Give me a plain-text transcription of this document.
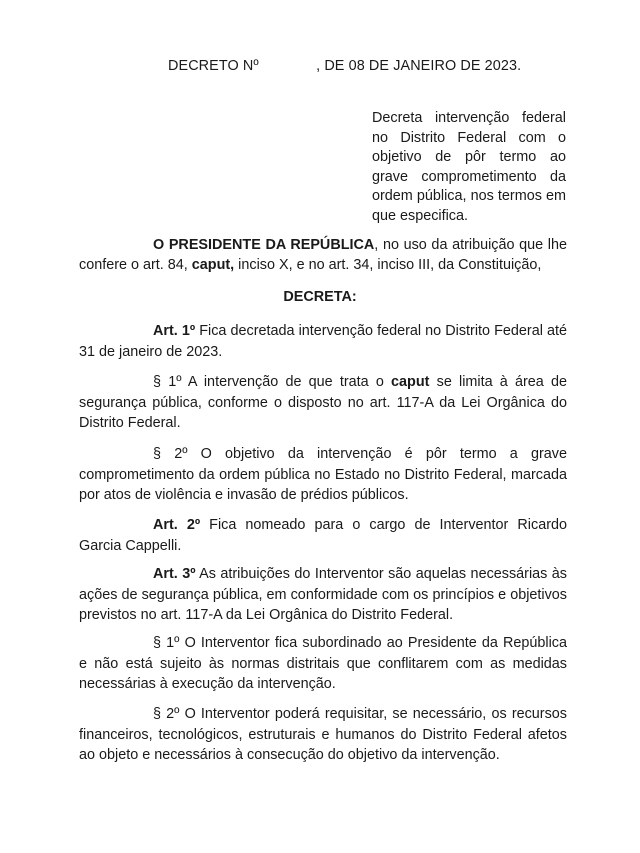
DECRETO Nº              , DE 08 DE JANEIRO DE 2023.

Decreta intervenção federal no Distrito Federal com o objetivo de pôr termo ao grave comprometimento da ordem pública, nos termos em que especifica.

O PRESIDENTE DA REPÚBLICA, no uso da atribuição que lhe confere o art. 84, caput, inciso X, e no art. 34, inciso III, da Constituição,

DECRETA:

Art. 1º Fica decretada intervenção federal no Distrito Federal até 31 de janeiro de 2023.

§ 1º A intervenção de que trata o caput se limita à área de segurança pública, conforme o disposto no art. 117-A da Lei Orgânica do Distrito Federal.

§ 2º O objetivo da intervenção é pôr termo a grave comprometimento da ordem pública no Estado no Distrito Federal, marcada por atos de violência e invasão de prédios públicos.

Art. 2º Fica nomeado para o cargo de Interventor Ricardo Garcia Cappelli.

Art. 3º As atribuições do Interventor são aquelas necessárias às ações de segurança pública, em conformidade com os princípios e objetivos previstos no art. 117-A da Lei Orgânica do Distrito Federal.

§ 1º O Interventor fica subordinado ao Presidente da República e não está sujeito às normas distritais que conflitarem com as medidas necessárias à execução da intervenção.

§ 2º O Interventor poderá requisitar, se necessário, os recursos financeiros, tecnológicos, estruturais e humanos do Distrito Federal afetos ao objeto e necessários à consecução do objetivo da intervenção.
